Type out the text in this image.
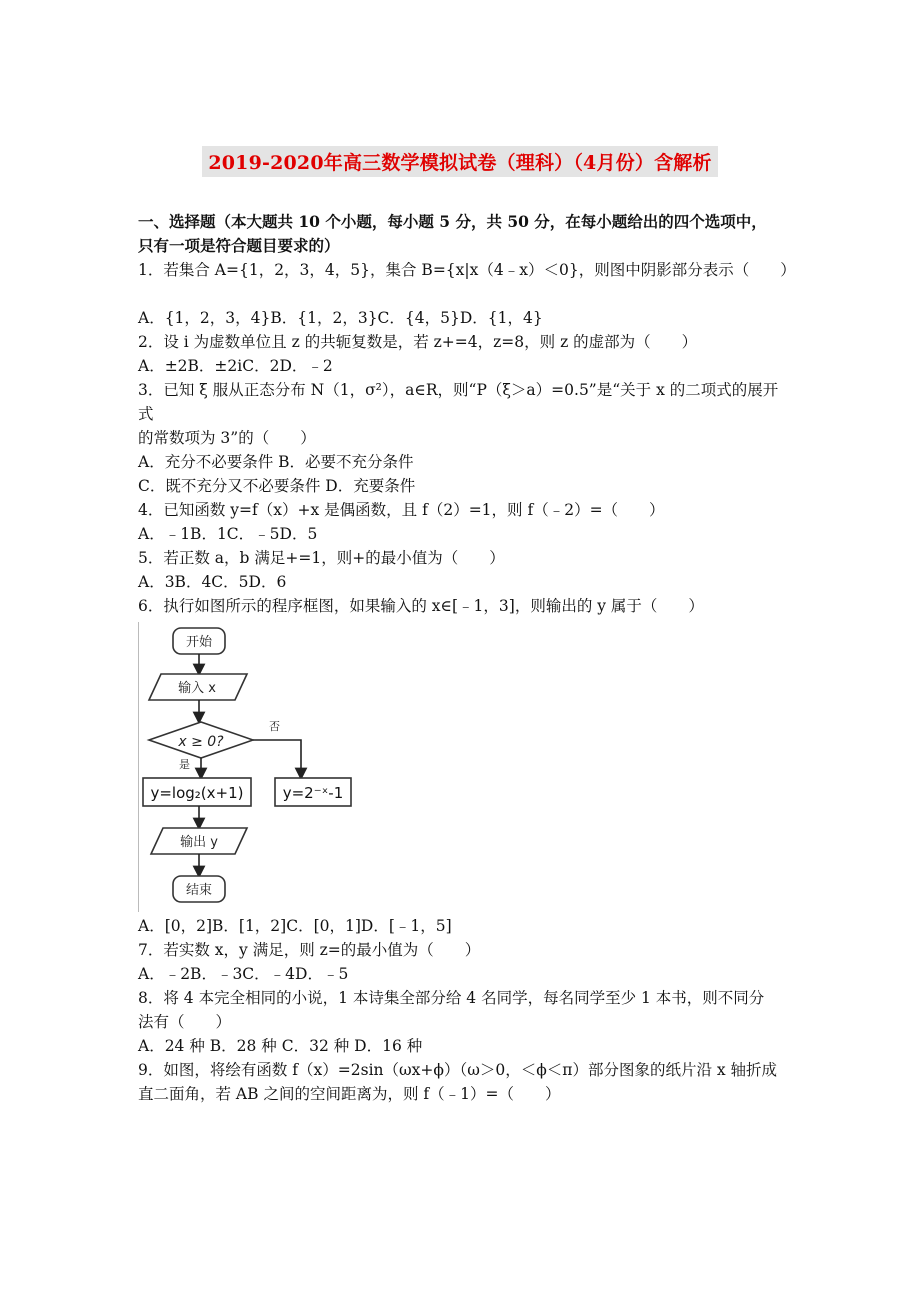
2019-2020年高三数学模拟试卷（理科）（4月份）含解析

一、选择题（本大题共 10 个小题，每小题 5 分，共 50 分，在每小题给出的四个选项中，

只有一项是符合题目要求的）

1．若集合 A={1，2，3，4，5}，集合 B={x|x（4﹣x）＜0}，则图中阴影部分表示（　　）

A．{1，2，3，4}B．{1，2，3}C．{4，5}D．{1，4}

2．设 i 为虚数单位且 z 的共轭复数是，若 z+=4，z=8，则 z 的虚部为（　　）

A．±2B．±2iC．2D．﹣2

3．已知 ξ 服从正态分布 N（1，σ²），a∈R，则“P（ξ＞a）=0.5”是“关于 x 的二项式的展开式

的常数项为 3”的（　　）

A．充分不必要条件 B．必要不充分条件

C．既不充分又不必要条件 D．充要条件

4．已知函数 y=f（x）+x 是偶函数，且 f（2）=1，则 f（﹣2）=（　　）

A．﹣1B．1C．﹣5D．5

5．若正数 a，b 满足+=1，则+的最小值为（　　）

A．3B．4C．5D．6

6．执行如图所示的程序框图，如果输入的 x∈[﹣1，3]，则输出的 y 属于（　　）

开始
输入 x
x ≥ 0?
否
是
y=log₂(x+1)	y=2⁻ˣ-1
输出 y
结束

A．[0，2]B．[1，2]C．[0，1]D．[﹣1，5]

7．若实数 x，y 满足，则 z=的最小值为（　　）

A．﹣2B．﹣3C．﹣4D．﹣5

8．将 4 本完全相同的小说，1 本诗集全部分给 4 名同学，每名同学至少 1 本书，则不同分

法有（　　）

A．24 种 B．28 种 C．32 种 D．16 种

9．如图，将绘有函数 f（x）=2sin（ωx+ϕ）（ω＞0，＜ϕ＜π）部分图象的纸片沿 x 轴折成

直二面角，若 AB 之间的空间距离为，则 f（﹣1）=（　　）
